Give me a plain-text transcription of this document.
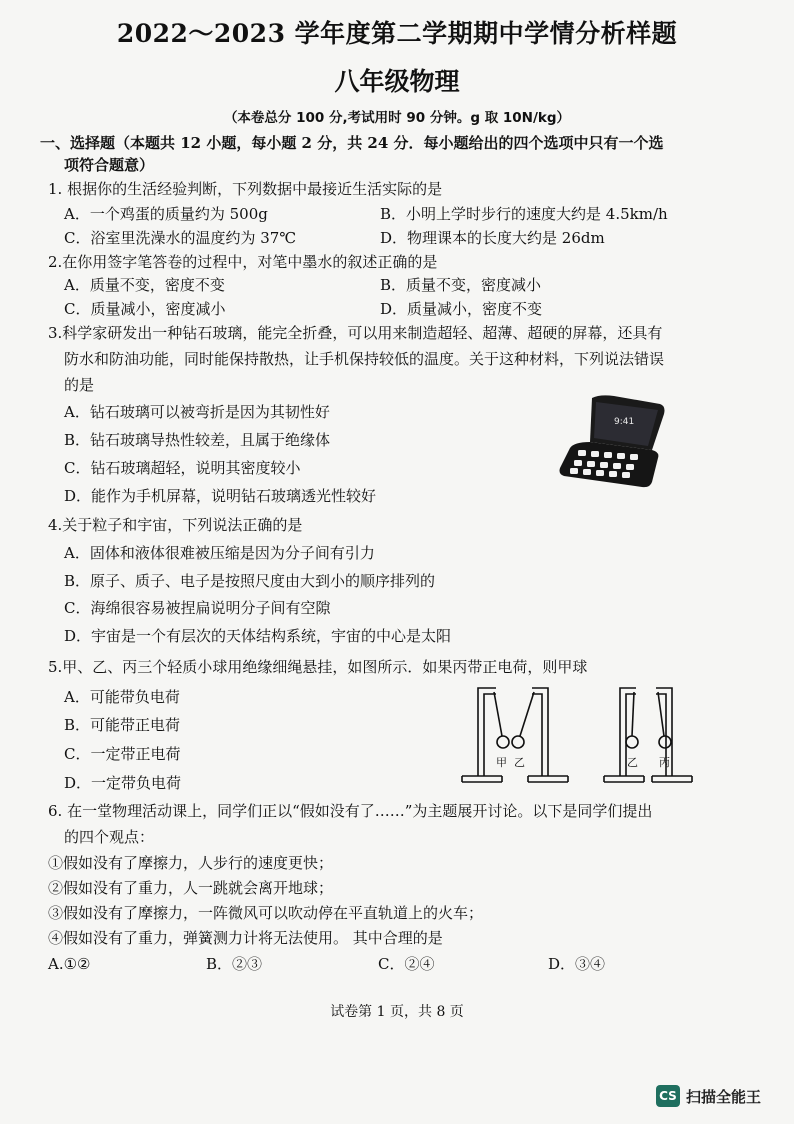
2022～2023 学年度第二学期期中学情分析样题
八年级物理
（本卷总分 100 分,考试用时 90 分钟。g 取 10N/kg）
一、选择题（本题共 12 小题，每小题 2 分，共 24 分．每小题给出的四个选项中只有一个选
项符合题意）
1. 根据你的生活经验判断，下列数据中最接近生活实际的是
A．一个鸡蛋的质量约为 500g	B．小明上学时步行的速度大约是 4.5km/h
C．浴室里洗澡水的温度约为 37℃	D．物理课本的长度大约是 26dm
2.在你用签字笔答卷的过程中，对笔中墨水的叙述正确的是
A．质量不变，密度不变	B．质量不变，密度减小
C．质量减小，密度减小	D．质量减小，密度不变
3.科学家研发出一种钻石玻璃，能完全折叠，可以用来制造超轻、超薄、超硬的屏幕，还具有
防水和防油功能，同时能保持散热，让手机保持较低的温度。关于这种材料，下列说法错误
的是
A．钻石玻璃可以被弯折是因为其韧性好
B．钻石玻璃导热性较差，且属于绝缘体
C．钻石玻璃超轻，说明其密度较小
D．能作为手机屏幕，说明钻石玻璃透光性较好
9:41
4.关于粒子和宇宙，下列说法正确的是
A．固体和液体很难被压缩是因为分子间有引力
B．原子、质子、电子是按照尺度由大到小的顺序排列的
C．海绵很容易被捏扁说明分子间有空隙
D．宇宙是一个有层次的天体结构系统，宇宙的中心是太阳
5.甲、乙、丙三个轻质小球用绝缘细绳悬挂，如图所示．如果丙带正电荷，则甲球
A．可能带负电荷
B．可能带正电荷
C．一定带正电荷
D．一定带负电荷
甲 乙	乙 丙
6. 在一堂物理活动课上，同学们正以“假如没有了……”为主题展开讨论。以下是同学们提出
的四个观点：
①假如没有了摩擦力，人步行的速度更快；
②假如没有了重力，人一跳就会离开地球；
③假如没有了摩擦力，一阵微风可以吹动停在平直轨道上的火车；
④假如没有了重力，弹簧测力计将无法使用。 其中合理的是
A.①②	B．②③	C．②④	D．③④
试卷第 1 页，共 8 页
CS 扫描全能王
